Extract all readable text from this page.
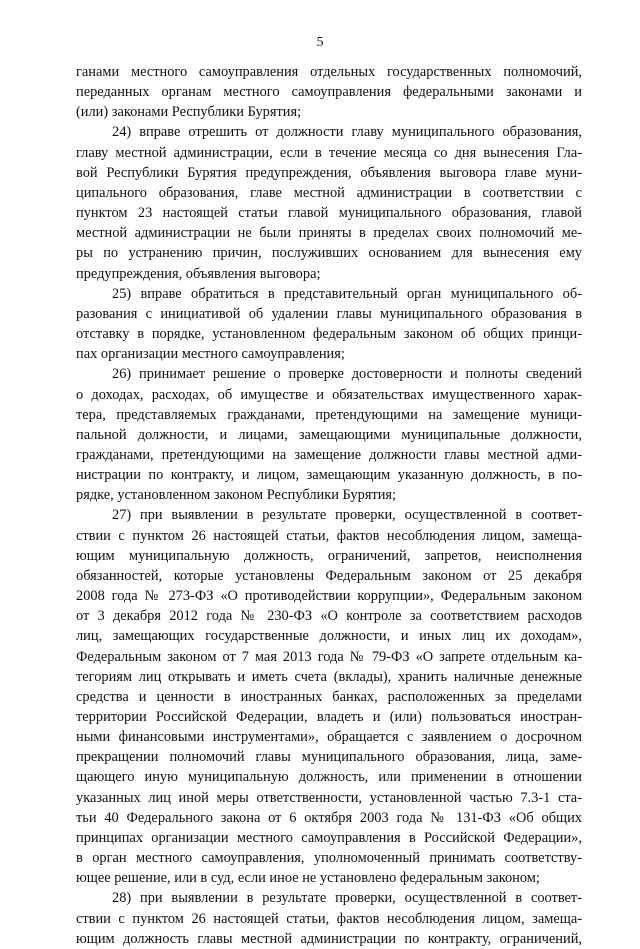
5
ганами местного самоуправления отдельных государственных полномочий,
переданных органам местного самоуправления федеральными законами и
(или) законами Республики Бурятия;
24) вправе отрешить от должности главу муниципального образования,
главу местной администрации, если в течение месяца со дня вынесения Гла-
вой Республики Бурятия предупреждения, объявления выговора главе муни-
ципального образования, главе местной администрации в соответствии с
пунктом 23 настоящей статьи главой муниципального образования, главой
местной администрации не были приняты в пределах своих полномочий ме-
ры по устранению причин, послуживших основанием для вынесения ему
предупреждения, объявления выговора;
25) вправе обратиться в представительный орган муниципального об-
разования с инициативой об удалении главы муниципального образования в
отставку в порядке, установленном федеральным законом об общих принци-
пах организации местного самоуправления;
26) принимает решение о проверке достоверности и полноты сведений
о доходах, расходах, об имуществе и обязательствах имущественного харак-
тера, представляемых гражданами, претендующими на замещение муници-
пальной должности, и лицами, замещающими муниципальные должности,
гражданами, претендующими на замещение должности главы местной адми-
нистрации по контракту, и лицом, замещающим указанную должность, в по-
рядке, установленном законом Республики Бурятия;
27) при выявлении в результате проверки, осуществленной в соответ-
ствии с пунктом 26 настоящей статьи, фактов несоблюдения лицом, замеща-
ющим муниципальную должность, ограничений, запретов, неисполнения
обязанностей, которые установлены Федеральным законом от 25 декабря
2008 года № 273-ФЗ «О противодействии коррупции», Федеральным законом
от 3 декабря 2012 года № 230-ФЗ «О контроле за соответствием расходов
лиц, замещающих государственные должности, и иных лиц их доходам»,
Федеральным законом от 7 мая 2013 года № 79-ФЗ «О запрете отдельным ка-
тегориям лиц открывать и иметь счета (вклады), хранить наличные денежные
средства и ценности в иностранных банках, расположенных за пределами
территории Российской Федерации, владеть и (или) пользоваться иностран-
ными финансовыми инструментами», обращается с заявлением о досрочном
прекращении полномочий главы муниципального образования, лица, заме-
щающего иную муниципальную должность, или применении в отношении
указанных лиц иной меры ответственности, установленной частью 7.3-1 ста-
тьи 40 Федерального закона от 6 октября 2003 года № 131-ФЗ «Об общих
принципах организации местного самоуправления в Российской Федерации»,
в орган местного самоуправления, уполномоченный принимать соответству-
ющее решение, или в суд, если иное не установлено федеральным законом;
28) при выявлении в результате проверки, осуществленной в соответ-
ствии с пунктом 26 настоящей статьи, фактов несоблюдения лицом, замеща-
ющим должность главы местной администрации по контракту, ограничений,
